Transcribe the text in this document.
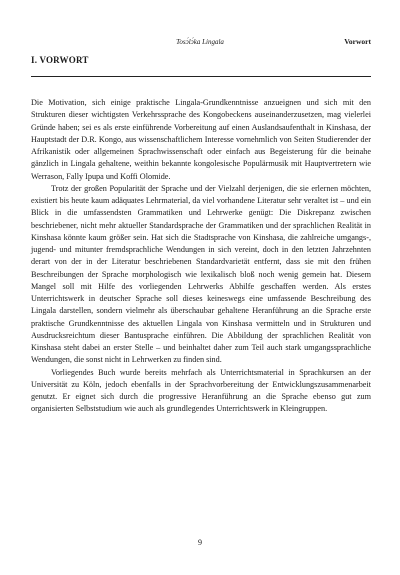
Tosɔ́lɔ́ka Lingala	Vorwort
I. VORWORT

Die Motivation, sich einige praktische Lingala-Grundkenntnisse anzueignen und sich mit den Strukturen dieser wichtigsten Verkehrssprache des Kongobeckens auseinanderzusetzen, mag vielerlei Gründe haben; sei es als erste einführende Vorbereitung auf einen Auslandsaufenthalt in Kinshasa, der Hauptstadt der D.R. Kongo, aus wissenschaftlichem Interesse vornehmlich von Seiten Studierender der Afrikanistik oder allgemeinen Sprachwissenschaft oder einfach aus Begeisterung für die beinahe gänzlich in Lingala gehaltene, weithin bekannte kongolesische Populärmusik mit Hauptvertretern wie Werrason, Fally Ipupa und Koffi Olomide.

Trotz der großen Popularität der Sprache und der Vielzahl derjenigen, die sie erlernen möchten, existiert bis heute kaum adäquates Lehrmaterial, da viel vorhandene Literatur sehr veraltet ist – und ein Blick in die umfassendsten Grammatiken und Lehrwerke genügt: Die Diskrepanz zwischen beschriebener, nicht mehr aktueller Standardsprache der Grammatiken und der sprachlichen Realität in Kinshasa könnte kaum größer sein. Hat sich die Stadtsprache von Kinshasa, die zahlreiche umgangs-, jugend- und mitunter fremdsprachliche Wendungen in sich vereint, doch in den letzten Jahrzehnten derart von der in der Literatur beschriebenen Standardvarietät entfernt, dass sie mit den frühen Beschreibungen der Sprache morphologisch wie lexikalisch bloß noch wenig gemein hat. Diesem Mangel soll mit Hilfe des vorliegenden Lehrwerks Abhilfe geschaffen werden. Als erstes Unterrichtswerk in deutscher Sprache soll dieses keineswegs eine umfassende Beschreibung des Lingala darstellen, sondern vielmehr als überschaubar gehaltene Heranführung an die Sprache erste praktische Grundkenntnisse des aktuellen Lingala von Kinshasa vermitteln und in Strukturen und Ausdrucksreichtum dieser Bantusprache einführen. Die Abbildung der sprachlichen Realität von Kinshasa steht dabei an erster Stelle – und beinhaltet daher zum Teil auch stark umgangssprachliche Wendungen, die sonst nicht in Lehrwerken zu finden sind.

Vorliegendes Buch wurde bereits mehrfach als Unterrichtsmaterial in Sprachkursen an der Universität zu Köln, jedoch ebenfalls in der Sprachvorbereitung der Entwicklungszusammenarbeit genutzt. Er eignet sich durch die progressive Heranführung an die Sprache ebenso gut zum organisierten Selbststudium wie auch als grundlegendes Unterrichtswerk in Kleingruppen.

9
